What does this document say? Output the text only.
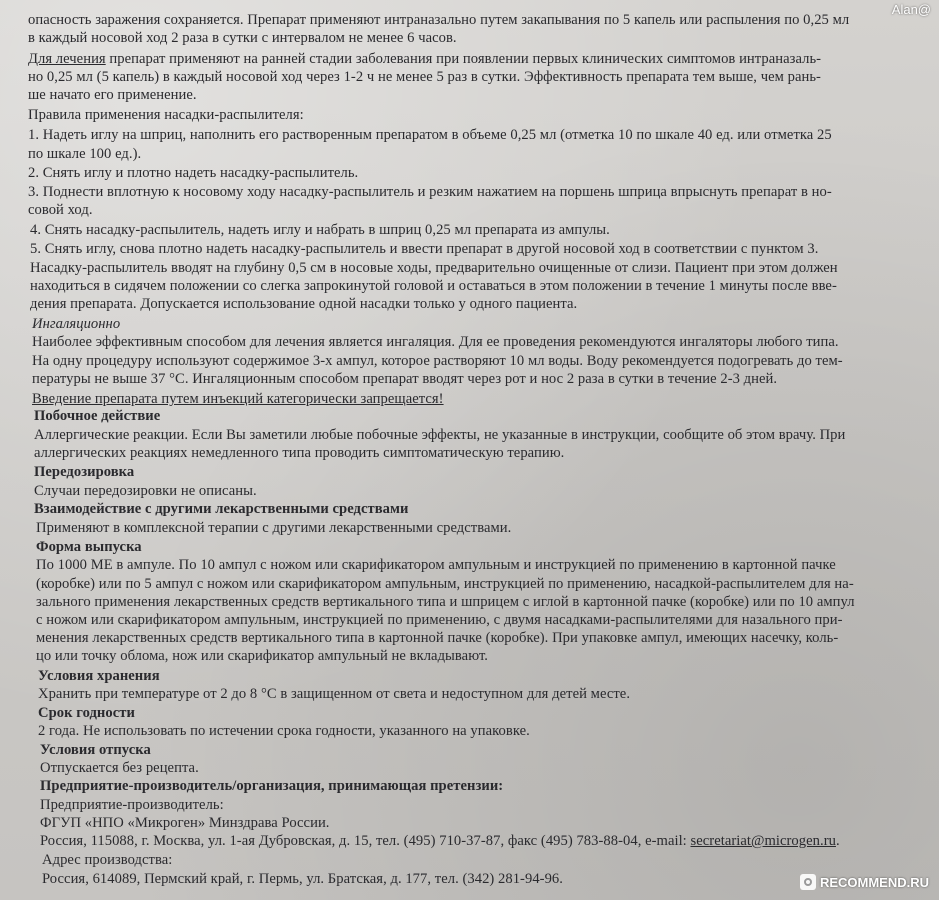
опасность заражения сохраняется. Препарат применяют интраназально путем закапывания по 5 капель или распыления по 0,25 мл
в каждый носовой ход 2 раза в сутки с интервалом не менее 6 часов.
Для лечения препарат применяют на ранней стадии заболевания при появлении первых клинических симптомов интраназаль-
но 0,25 мл (5 капель) в каждый носовой ход через 1-2 ч не менее 5 раз в сутки. Эффективность препарата тем выше, чем рань-
ше начато его применение.
Правила применения насадки-распылителя:
1. Надеть иглу на шприц, наполнить его растворенным препаратом в объеме 0,25 мл (отметка 10 по шкале 40 ед. или отметка 25
по шкале 100 ед.).
2. Снять иглу и плотно надеть насадку-распылитель.
3. Поднести вплотную к носовому ходу насадку-распылитель и резким нажатием на поршень шприца впрыснуть препарат в но-
совой ход.
4. Снять насадку-распылитель, надеть иглу и набрать в шприц 0,25 мл препарата из ампулы.
5. Снять иглу, снова плотно надеть насадку-распылитель и ввести препарат в другой носовой ход в соответствии с пунктом 3.
Насадку-распылитель вводят на глубину 0,5 см в носовые ходы, предварительно очищенные от слизи. Пациент при этом должен
находиться в сидячем положении со слегка запрокинутой головой и оставаться в этом положении в течение 1 минуты после вве-
дения препарата. Допускается использование одной насадки только у одного пациента.
Ингаляционно
Наиболее эффективным способом для лечения является ингаляция. Для ее проведения рекомендуются ингаляторы любого типа.
На одну процедуру используют содержимое 3-х ампул, которое растворяют 10 мл воды. Воду рекомендуется подогревать до тем-
пературы не выше 37 °С. Ингаляционным способом препарат вводят через рот и нос 2 раза в сутки в течение 2-3 дней.
Введение препарата путем инъекций категорически запрещается!
Побочное действие
Аллергические реакции. Если Вы заметили любые побочные эффекты, не указанные в инструкции, сообщите об этом врачу. При
аллергических реакциях немедленного типа проводить симптоматическую терапию.
Передозировка
Случаи передозировки не описаны.
Взаимодействие с другими лекарственными средствами
Применяют в комплексной терапии с другими лекарственными средствами.
Форма выпуска
По 1000 МЕ в ампуле. По 10 ампул с ножом или скарификатором ампульным и инструкцией по применению в картонной пачке
(коробке) или по 5 ампул с ножом или скарификатором ампульным, инструкцией по применению, насадкой-распылителем для на-
зального применения лекарственных средств вертикального типа и шприцем с иглой в картонной пачке (коробке) или по 10 ампул
с ножом или скарификатором ампульным, инструкцией по применению, с двумя насадками-распылителями для назального при-
менения лекарственных средств вертикального типа в картонной пачке (коробке). При упаковке ампул, имеющих насечку, коль-
цо или точку облома, нож или скарификатор ампульный не вкладывают.
Условия хранения
Хранить при температуре от 2 до 8 °С в защищенном от света и недоступном для детей месте.
Срок годности
2 года. Не использовать по истечении срока годности, указанного на упаковке.
Условия отпуска
Отпускается без рецепта.
Предприятие-производитель/организация, принимающая претензии:
Предприятие-производитель:
ФГУП «НПО «Микроген» Минздрава России.
Россия, 115088, г. Москва, ул. 1-ая Дубровская, д. 15, тел. (495) 710-37-87, факс (495) 783-88-04, e-mail: secretariat@microgen.ru.
Адрес производства:
Россия, 614089, Пермский край, г. Пермь, ул. Братская, д. 177, тел. (342) 281-94-96.
Alan@
RECOMMEND.RU
